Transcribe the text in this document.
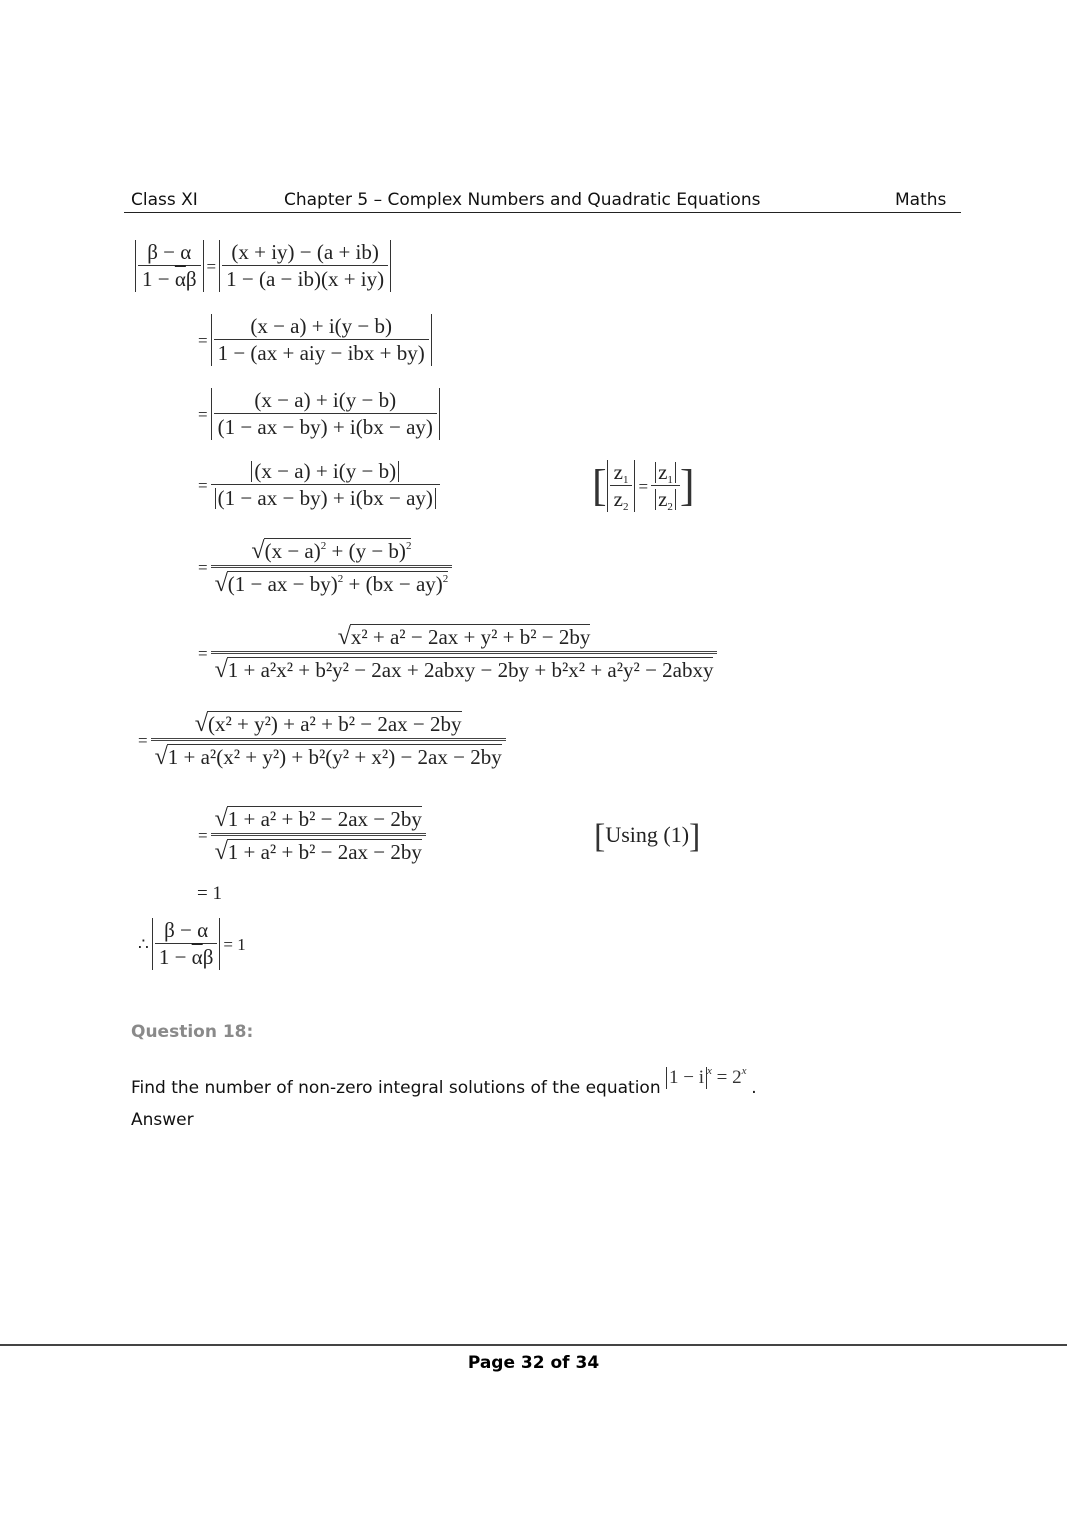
Class XI	Chapter 5 – Complex Numbers and Quadratic Equations	Maths
$\frac{\beta - \alpha}{1 - \overline{\alpha}\beta} = \frac{(x + iy) - (a + ib)}{1 - (a - ib)(x + iy)}$
= $\frac{(x - a) + i(y - b)}{\text{1 − (ax + aiy − ibx + by)}}$
= $\frac{(x - a) + i(y - b)}{(1 - ax - by) + i(bx - ay)}$
= $\frac{(x - a) + i(y - b)}{(1 - ax - by) + i(bx - ay)}$	[ $\frac{z_1}{z_2} = \frac{z_1}{z_2}$ ]
= $\frac{√(x - a)^2 + (y - b)^2}{√(1 - ax - by)^2 + (bx - ay)^2}$
= $\frac{\text{√x² + a² − 2ax + y² + b² − 2by}}{\text{√1 + a²x² + b²y² − 2ax + 2abxy − 2by + b²x² + a²y² − 2abxy}}$
= $\frac{\text{√(x² + y²) + a² + b² − 2ax − 2by}}{\text{√1 + a²(x² + y²) + b²(y² + x²) − 2ax − 2by}}$
= $\frac{\text{√1 + a² + b² − 2ax − 2by}}{\text{√1 + a² + b² − 2ax − 2by}}$	[Using (1)]
= 1
∴ $\frac{\beta - \alpha}{1 - \overline{\alpha}\beta} = 1$
Question 18:
Find the number of non-zero integral solutions of the equation 1 − i $^x = 2^x$ .
Answer
Page 32 of 34
